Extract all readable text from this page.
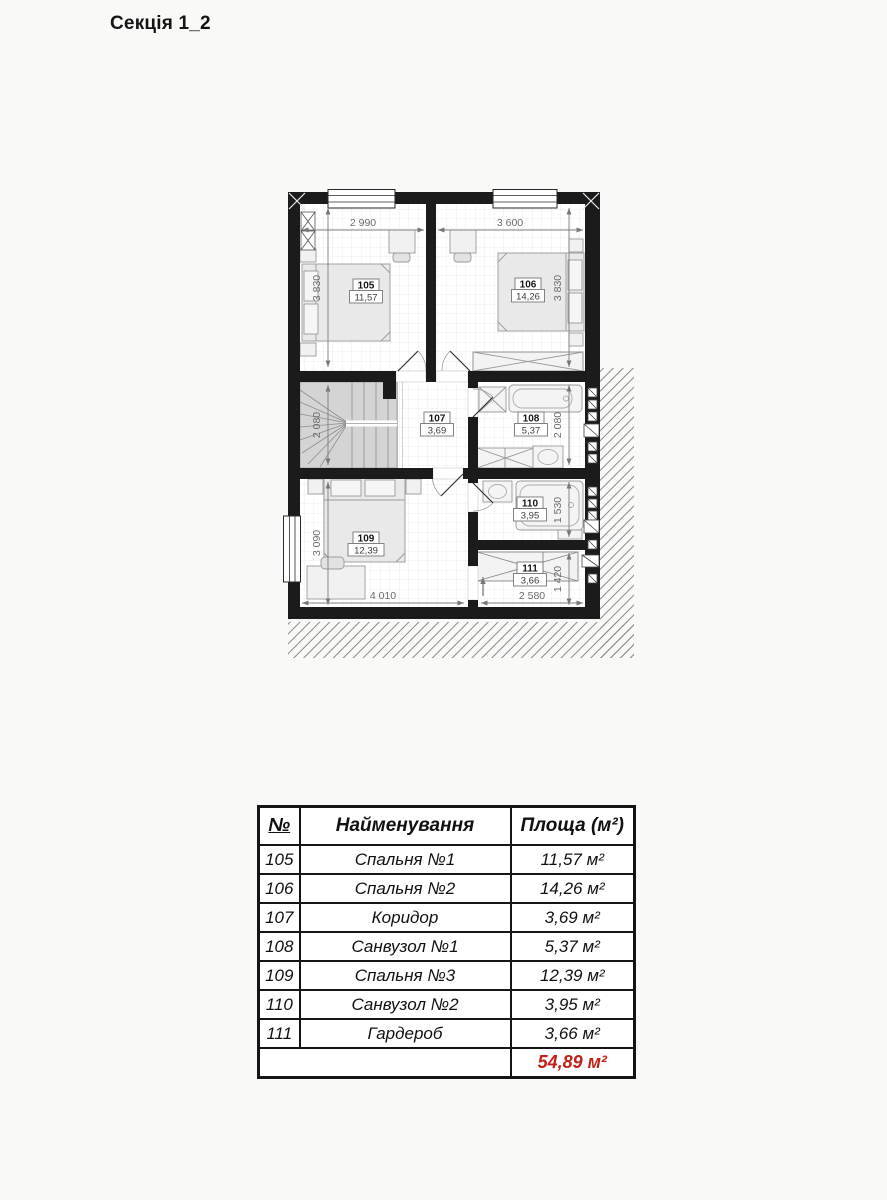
Секція 1_2
2 990	3 600
3 830	3 830
2 080	2 080
3 090
1 530
1 420
4 010	2 580
105
11,57
106
14,26
107
3,69
108
5,37
109
12,39
110
3,95
111
3,66
№	Найменування	Площа (м²)
105	Спальня №1	11,57 м²
106	Спальня №2	14,26 м²
107	Коридор	3,69 м²
108	Санвузол №1	5,37 м²
109	Спальня №3	12,39 м²
110	Санвузол №2	3,95 м²
111	Гардероб	3,66 м²
		54,89 м²
